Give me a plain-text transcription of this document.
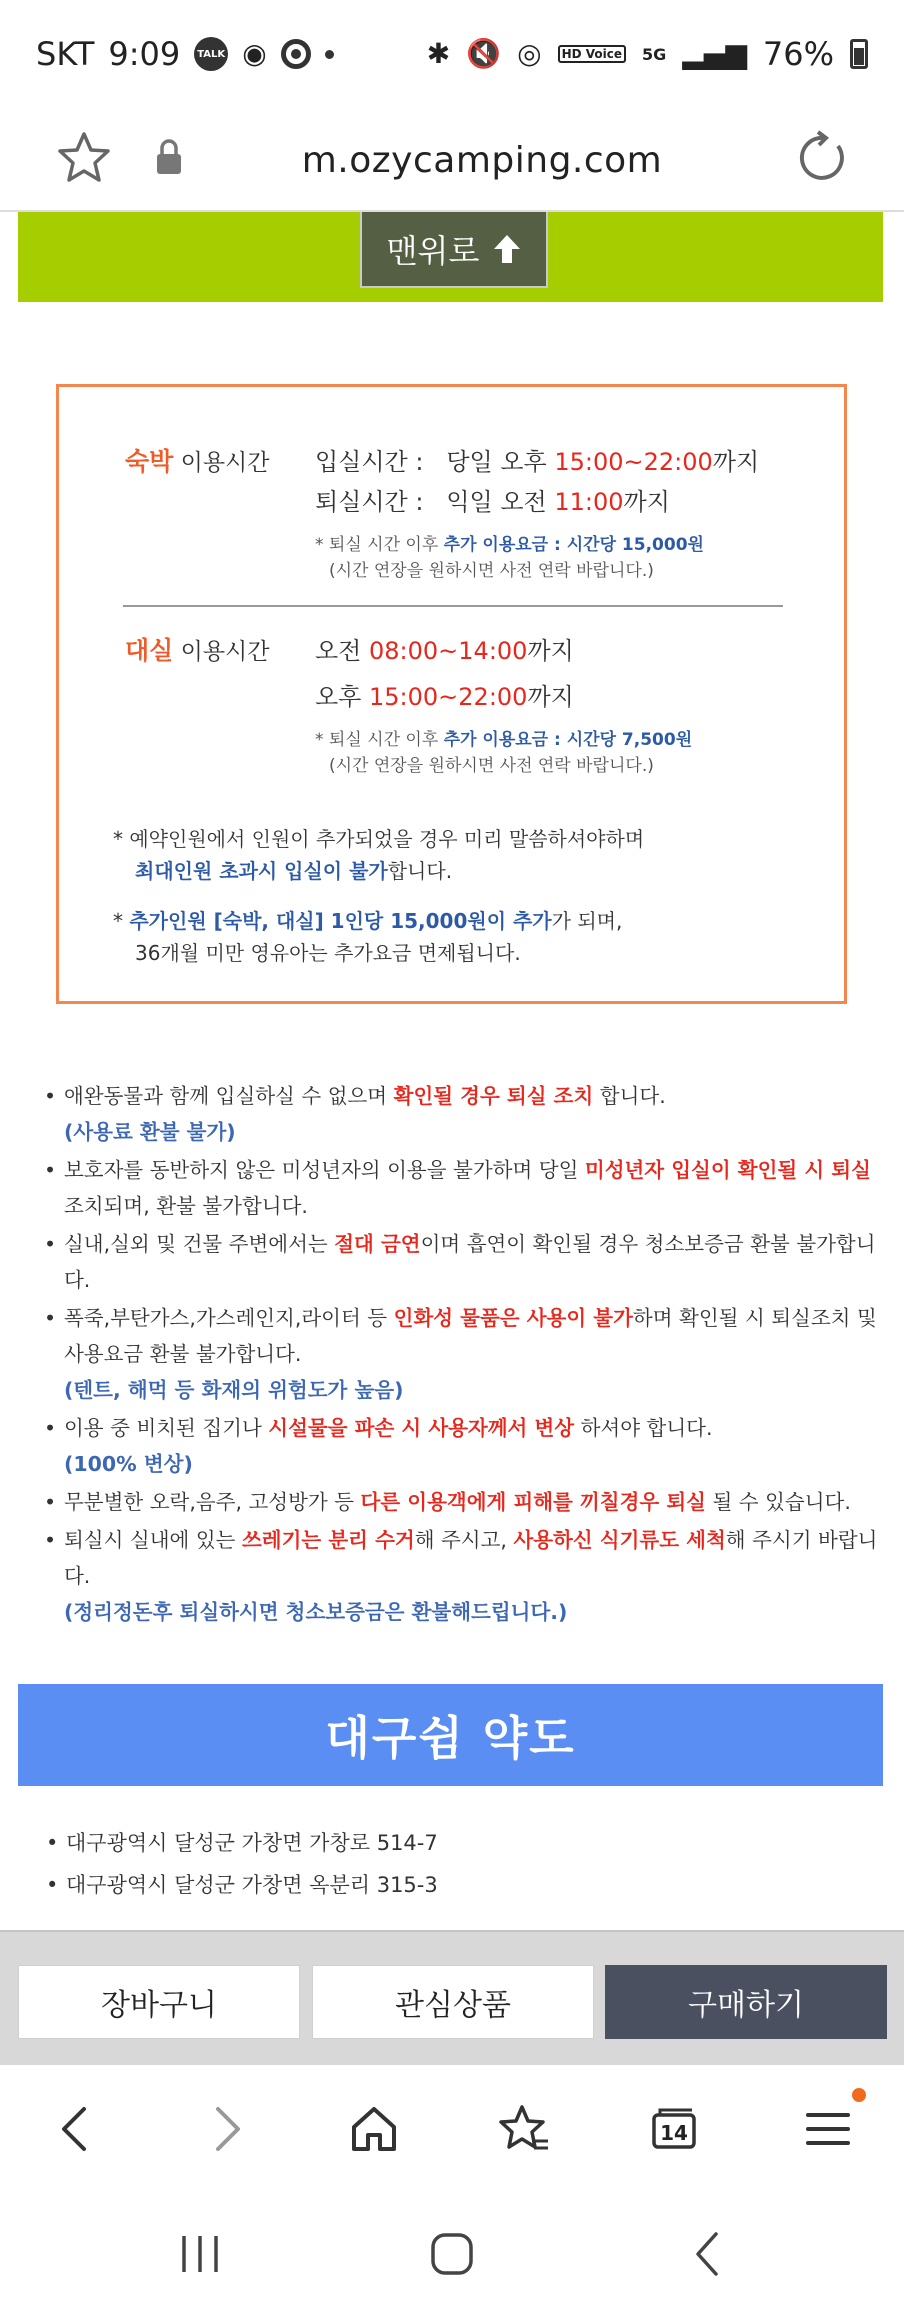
SKT 9:09	TALK ◉	✱ 🔇 ◎	HD Voice 5G ▂▄▆ 76%
m.ozycamping.com
맨위로
숙박 이용시간 입실시간 : 당일 오후 15:00~22:00까지
퇴실시간 : 익일 오전 11:00까지
* 퇴실 시간 이후 추가 이용요금 : 시간당 15,000원
(시간 연장을 원하시면 사전 연락 바랍니다.)
대실 이용시간 오전 08:00~14:00까지
오후 15:00~22:00까지
* 퇴실 시간 이후 추가 이용요금 : 시간당 7,500원
(시간 연장을 원하시면 사전 연락 바랍니다.)
* 예약인원에서 인원이 추가되었을 경우 미리 말씀하셔야하며
최대인원 초과시 입실이 불가합니다.
* 추가인원 [숙박, 대실] 1인당 15,000원이 추가가 되며,
36개월 미만 영유아는 추가요금 면제됩니다.
• 애완동물과 함께 입실하실 수 없으며 확인될 경우 퇴실 조치 합니다.
(사용료 환불 불가)
• 보호자를 동반하지 않은 미성년자의 이용을 불가하며 당일 미성년자 입실이 확인될 시 퇴실 조치되며, 환불 불가합니다.
• 실내,실외 및 건물 주변에서는 절대 금연이며 흡연이 확인될 경우 청소보증금 환불 불가합니다.
• 폭죽,부탄가스,가스레인지,라이터 등 인화성 물품은 사용이 불가하며 확인될 시 퇴실조치 및 사용요금 환불 불가합니다.
(텐트, 해먹 등 화재의 위험도가 높음)
• 이용 중 비치된 집기나 시설물을 파손 시 사용자께서 변상 하셔야 합니다.
(100% 변상)
• 무분별한 오락,음주, 고성방가 등 다른 이용객에게 피해를 끼칠경우 퇴실 될 수 있습니다.
• 퇴실시 실내에 있는 쓰레기는 분리 수거해 주시고, 사용하신 식기류도 세척해 주시기 바랍니다.
(정리정돈후 퇴실하시면 청소보증금은 환불해드립니다.)
대구쉼 약도
• 대구광역시 달성군 가창면 가창로 514-7
• 대구광역시 달성군 가창면 옥분리 315-3
장바구니	관심상품	구매하기
14
